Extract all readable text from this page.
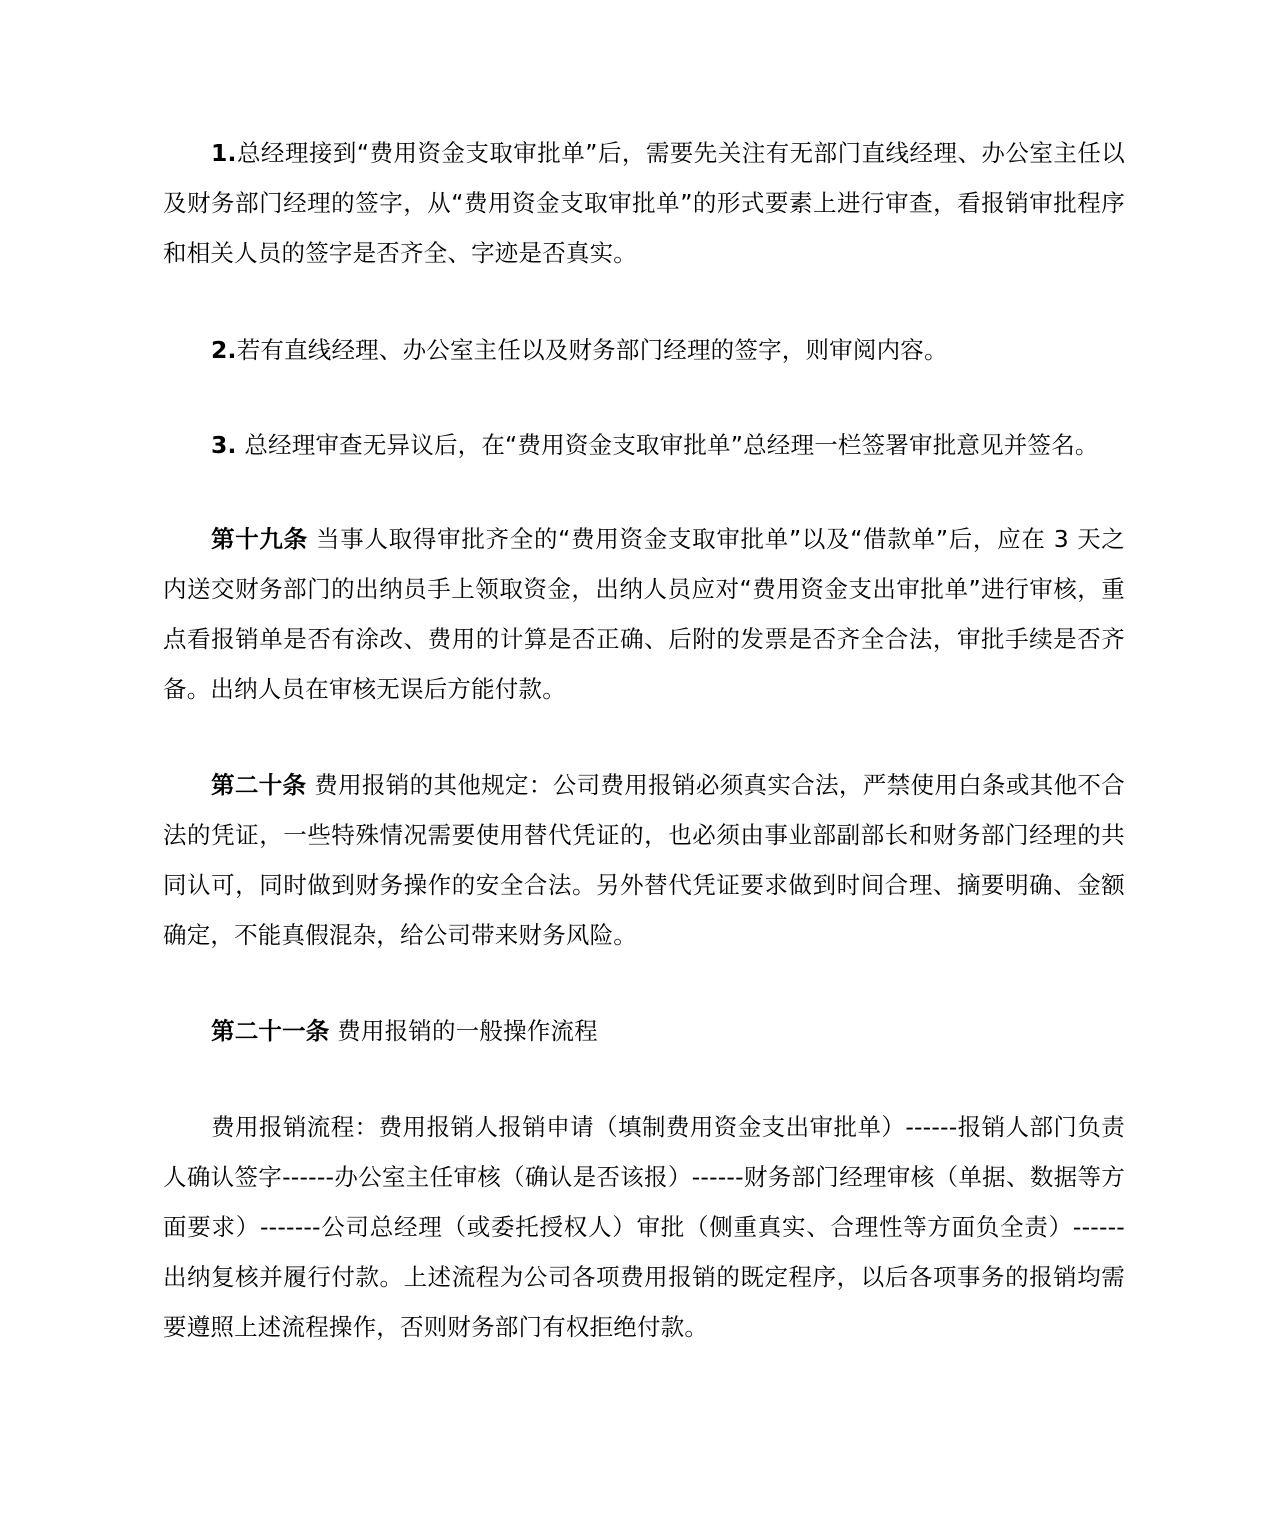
1.总经理接到“费用资金支取审批单”后，需要先关注有无部门直线经理、办公室主任以及财务部门经理的签字，从“费用资金支取审批单”的形式要素上进行审查，看报销审批程序和相关人员的签字是否齐全、字迹是否真实。

2.若有直线经理、办公室主任以及财务部门经理的签字，则审阅内容。

3. 总经理审查无异议后，在“费用资金支取审批单”总经理一栏签署审批意见并签名。

第十九条 当事人取得审批齐全的“费用资金支取审批单”以及“借款单”后，应在 3 天之内送交财务部门的出纳员手上领取资金，出纳人员应对“费用资金支出审批单”进行审核，重点看报销单是否有涂改、费用的计算是否正确、后附的发票是否齐全合法，审批手续是否齐备。出纳人员在审核无误后方能付款。

第二十条 费用报销的其他规定：公司费用报销必须真实合法，严禁使用白条或其他不合法的凭证，一些特殊情况需要使用替代凭证的，也必须由事业部副部长和财务部门经理的共同认可，同时做到财务操作的安全合法。另外替代凭证要求做到时间合理、摘要明确、金额确定，不能真假混杂，给公司带来财务风险。

第二十一条 费用报销的一般操作流程

费用报销流程：费用报销人报销申请（填制费用资金支出审批单）------报销人部门负责人确认签字------办公室主任审核（确认是否该报）------财务部门经理审核（单据、数据等方面要求）-------公司总经理（或委托授权人）审批（侧重真实、合理性等方面负全责）------出纳复核并履行付款。上述流程为公司各项费用报销的既定程序，以后各项事务的报销均需要遵照上述流程操作，否则财务部门有权拒绝付款。
